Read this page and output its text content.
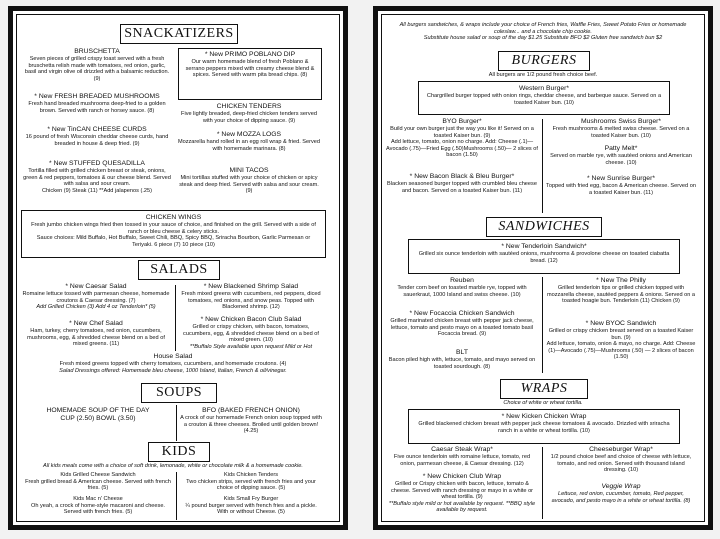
SNACKATIZERS
BRUSCHETTA
Seven pieces of grilled crispy toast served with a fresh bruschetta relish made with tomatoes, red onion, garlic, basil and virgin olive oil drizzled with a balsamic reduction. (9)
* New FRESH BREADED MUSHROOMS
Fresh hand breaded mushrooms deep-fried to a golden brown. Served with ranch or horsey sauce. (8)
* New TinCAN CHEESE CURDS
16 pound of fresh Wisconsin cheddar cheese curds, hand breaded in house & deep fried. (9)
* New STUFFED QUESADILLA
Tortilla filled with grilled chicken breast or steak, onions, green & red peppers, tomatoes & our cheese blend. Served with salsa and sour cream.
Chicken (9) Steak (11) **Add jalapenos (.25)
* New PRIMO POBLANO DIP
Our warm homemade blend of fresh Poblano & serrano peppers mixed with creamy cheese blend & spices. Served with warm pita bread chips. (8)
CHICKEN TENDERS
Five lightly breaded, deep-fried chicken tenders served with your choice of dipping sauce. (9)
* New MOZZA LOGS
Mozzarella hand rolled in an egg roll wrap & fried. Served with homemade marinara. (8)
MINI TACOS
Mini tortillas stuffed with your choice of chicken or spicy steak and deep fried. Served with salsa and sour cream. (9)
CHICKEN WINGS
Fresh jumbo chicken wings fried then tossed in your sauce of choice, and finished on the grill. Served with a side of ranch or bleu cheese & celery sticks.
Sauce choices: Mild Buffalo, Hot Buffalo, Sweet Chili, BBQ, Spicy BBQ, Sriracha Bourbon, Garlic Parmesan or Teriyaki. 6 piece (7) 10 piece (10)
SALADS
* New Caesar Salad
Romaine lettuce tossed with parmesan cheese, homemade croutons & Caesar dressing. (7)
Add Grilled Chicken (3) Add 4 oz Tenderloin* (5)
* New Chef Salad
Ham, turkey, cherry tomatoes, red onion, cucumbers, mushrooms, egg, & shredded cheese blend on a bed of mixed greens. (11)
* New Blackened Shrimp Salad
Fresh mixed greens with cucumbers, red peppers, diced tomatoes, red onions, and snow peas. Topped with Blackened shrimp. (12)
* New Chicken Bacon Club Salad
Grilled or crispy chicken, with bacon, tomatoes, cucumbers, egg, & shredded cheese blend on a bed of mixed green. (10)
**Buffalo Style available upon request Mild or Hot
House Salad
Fresh mixed greens topped with cherry tomatoes, cucumbers, and homemade croutons. (4)
Salad Dressings offered: Homemade bleu cheese, 1000 Island, Italian, French & oil/vinegar.
SOUPS
HOMEMADE SOUP OF THE DAY
CUP (2.50) BOWL (3.50)
BFO (BAKED FRENCH ONION)
A crock of our homemade French onion soup topped with a crouton & three cheeses. Broiled until golden brown! (4.25)
KIDS
All kids meals come with a choice of soft drink, lemonade, white or chocolate milk & a homemade cookie.
Kids Grilled Cheese Sandwich
Fresh grilled bread & American cheese. Served with french fries. (5)
Kids Mac n' Cheese
Oh yeah, a crock of home-style macaroni and cheese. Served with french fries. (5)
Kids Chicken Tenders
Two chicken strips, served with french fries and your choice of dipping sauce. (5)
Kids Small Fry Burger
¼ pound burger served with french fries and a pickle. With or without Cheese. (5)
All burgers sandwiches, & wraps include your choice of French fries, Waffle Fries, Sweet Potato Fries or homemade coleslaw... and a chocolate chip cookie.
Substitute house salad or soup of the day $1.25 Substitute BFO $2 Gluten free sandwich bun $2
BURGERS
All burgers are 1/2 pound fresh choice beef.
Western Burger*
Chargrilled burger topped with onion rings, cheddar cheese, and barbeque sauce. Served on a toasted Kaiser bun. (10)
BYO Burger*
Build your own burger just the way you like it! Served on a toasted Kaiser bun. (9)
Add lettuce, tomato, onion no charge. Add: Cheese (.1)—Avocado (.75)—Fried Egg (.50)Mushrooms (.50)— 2 slices of bacon (1.50)
* New Bacon Black & Bleu Burger*
Blacken seasoned burger topped with crumbled bleu cheese and bacon. Served on a toasted Kaiser bun. (11)
Mushrooms Swiss Burger*
Fresh mushrooms & melted swiss cheese. Served on a toasted Kaiser bun. (10)
Patty Melt*
Served on marble rye, with sautéed onions and American cheese. (10)
* New Sunrise Burger*
Topped with fried egg, bacon & American cheese. Served on a toasted Kaiser bun. (11)
SANDWICHES
* New Tenderloin Sandwich*
Grilled six ounce tenderloin with sautéed onions, mushrooms & provolone cheese on toasted ciabatta bread. (12)
Reuben
Tender corn beef on toasted marble rye, topped with sauerkraut, 1000 Island and swiss cheese. (10)
* New Focaccia Chicken Sandwich
Grilled marinated chicken breast with pepper jack cheese, lettuce, tomato and pesto mayo on a toasted tomato basil Focaccia bread. (9)
BLT
Bacon piled high with, lettuce, tomato, and mayo served on toasted sourdough. (8)
* New The Philly
Grilled tenderloin tips or grilled chicken topped with mozzarella cheese, sautéed peppers & onions. Served on a toasted hoagie bun. Tenderloin (11) Chicken (9)
* New BYOC Sandwich
Grilled or crispy chicken breast served on a toasted Kaiser bun. (9)
Add lettuce, tomato, onion & mayo, no charge. Add: Cheese (1)—Avocado (.75)—Mushrooms (.50) — 2 slices of bacon (1.50)
WRAPS
Choice of white or wheat tortilla.
* New Kicken Chicken Wrap
Grilled blackened chicken breast with pepper jack cheese tomatoes & avocado. Drizzled with sriracha ranch in a white or wheat tortilla. (10)
Caesar Steak Wrap*
Five ounce tenderloin with romaine lettuce, tomato, red onion, parmesan cheese, & Caesar dressing. (12)
* New Chicken Club Wrap
Grilled or Crispy chicken with bacon, lettuce, tomato & cheese. Served with ranch dressing or mayo in a white or wheat tortilla. (9)
**Buffalo style mild or hot available by request. **BBQ style available by request.
Cheeseburger Wrap*
1/2 pound choice beef and choice of cheese with lettuce, tomato, and red onion. Served with thousand island dressing. (10)
Veggie Wrap
Lettuce, red onion, cucumber, tomato, Red pepper, avocado, and pesto mayo in a white or wheat tortilla. (8)
